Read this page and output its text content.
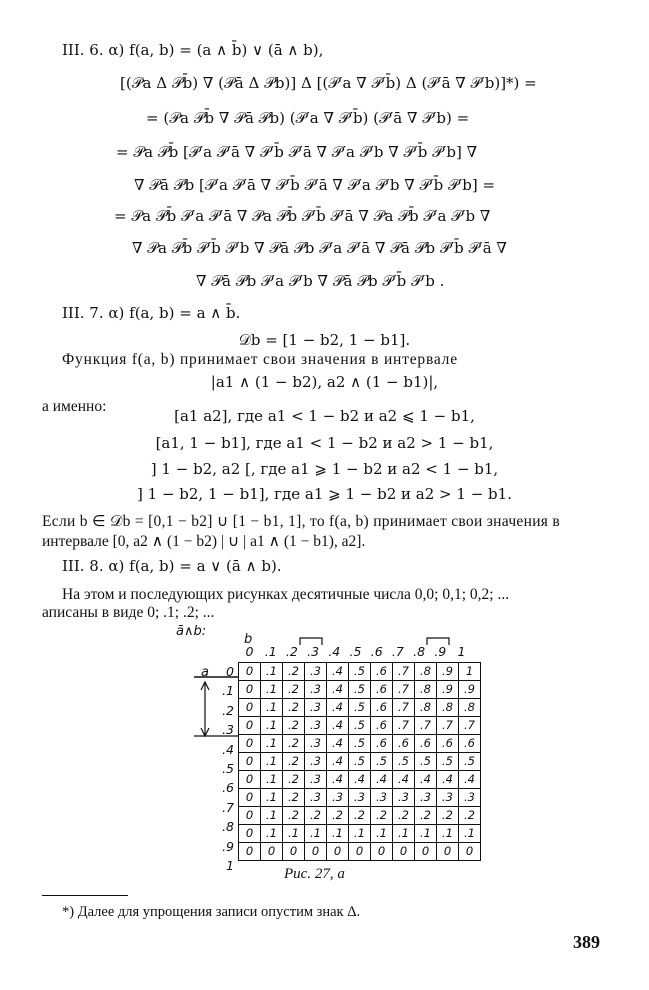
III. 6. α) f(a, b) = (a ∧ b̄) ∨ (ā ∧ b),
[(𝒫a Δ 𝒫b̄) ∇ (𝒫ā Δ 𝒫b)] Δ [(𝒫′a ∇ 𝒫′b̄) Δ (𝒫′ā ∇ 𝒫′b)]*) =
= (𝒫a 𝒫b̄ ∇ 𝒫ā 𝒫b) (𝒫′a ∇ 𝒫′b̄) (𝒫′ā ∇ 𝒫′b) =
= 𝒫a 𝒫b̄ [𝒫′a 𝒫′ā ∇ 𝒫′b̄ 𝒫′ā ∇ 𝒫′a 𝒫′b ∇ 𝒫′b̄ 𝒫′b] ∇
∇ 𝒫ā 𝒫b [𝒫′a 𝒫′ā ∇ 𝒫′b̄ 𝒫′ā ∇ 𝒫′a 𝒫′b ∇ 𝒫′b̄ 𝒫′b] =
= 𝒫a 𝒫b̄ 𝒫′a 𝒫′ā ∇ 𝒫a 𝒫b̄ 𝒫′b̄ 𝒫′ā ∇ 𝒫a 𝒫b̄ 𝒫′a 𝒫′b ∇
∇ 𝒫a 𝒫b̄ 𝒫′b̄ 𝒫′b ∇ 𝒫ā 𝒫b 𝒫′a 𝒫′ā ∇ 𝒫ā 𝒫b 𝒫′b̄ 𝒫′ā ∇
∇ 𝒫ā 𝒫b 𝒫′a 𝒫′b ∇ 𝒫ā 𝒫b 𝒫′b̄ 𝒫′b .
III. 7. α) f(a, b) = a ∧ b̄.
𝒟b = [1 − b2, 1 − b1].
Функция f(a, b) принимает свои значения в интервале
|a1 ∧ (1 − b2), a2 ∧ (1 − b1)|,
а именно:
[a1 a2], где a1 < 1 − b2 и a2 ⩽ 1 − b1,
[a1, 1 − b1], где a1 < 1 − b2 и a2 > 1 − b1,
] 1 − b2, a2 [, где a1 ⩾ 1 − b2 и a2 < 1 − b1,
] 1 − b2, 1 − b1], где a1 ⩾ 1 − b2 и a2 > 1 − b1.
Если b ∈ 𝒟b = [0,1 − b2] ∪ [1 − b1, 1], то f(a, b) принимает свои значения в
интервале [0, a2 ∧ (1 − b2) | ∪ | a1 ∧ (1 − b1), a2].
III. 8. α) f(a, b) = a ∨ (ā ∧ b).
На этом и последующих рисунках десятичные числа 0,0; 0,1; 0,2; ...
аписаны в виде 0; .1; .2; ...
ā∧b:
b
a
0 .1 .2 .3 .4 .5 .6 .7 .8 .9 1
0
.1
.2
.3
.4
.5
.6
.7
.8
.9
1
0	.1	.2	.3	.4	.5	.6	.7	.8	.9	1
0	.1	.2	.3	.4	.5	.6	.7	.8	.9	.9
0	.1	.2	.3	.4	.5	.6	.7	.8	.8	.8
0	.1	.2	.3	.4	.5	.6	.7	.7	.7	.7
0	.1	.2	.3	.4	.5	.6	.6	.6	.6	.6
0	.1	.2	.3	.4	.5	.5	.5	.5	.5	.5
0	.1	.2	.3	.4	.4	.4	.4	.4	.4	.4
0	.1	.2	.3	.3	.3	.3	.3	.3	.3	.3
0	.1	.2	.2	.2	.2	.2	.2	.2	.2	.2
0	.1	.1	.1	.1	.1	.1	.1	.1	.1	.1
0	0	0	0	0	0	0	0	0	0	0
Рис. 27, а
*) Далее для упрощения записи опустим знак Δ.
389
